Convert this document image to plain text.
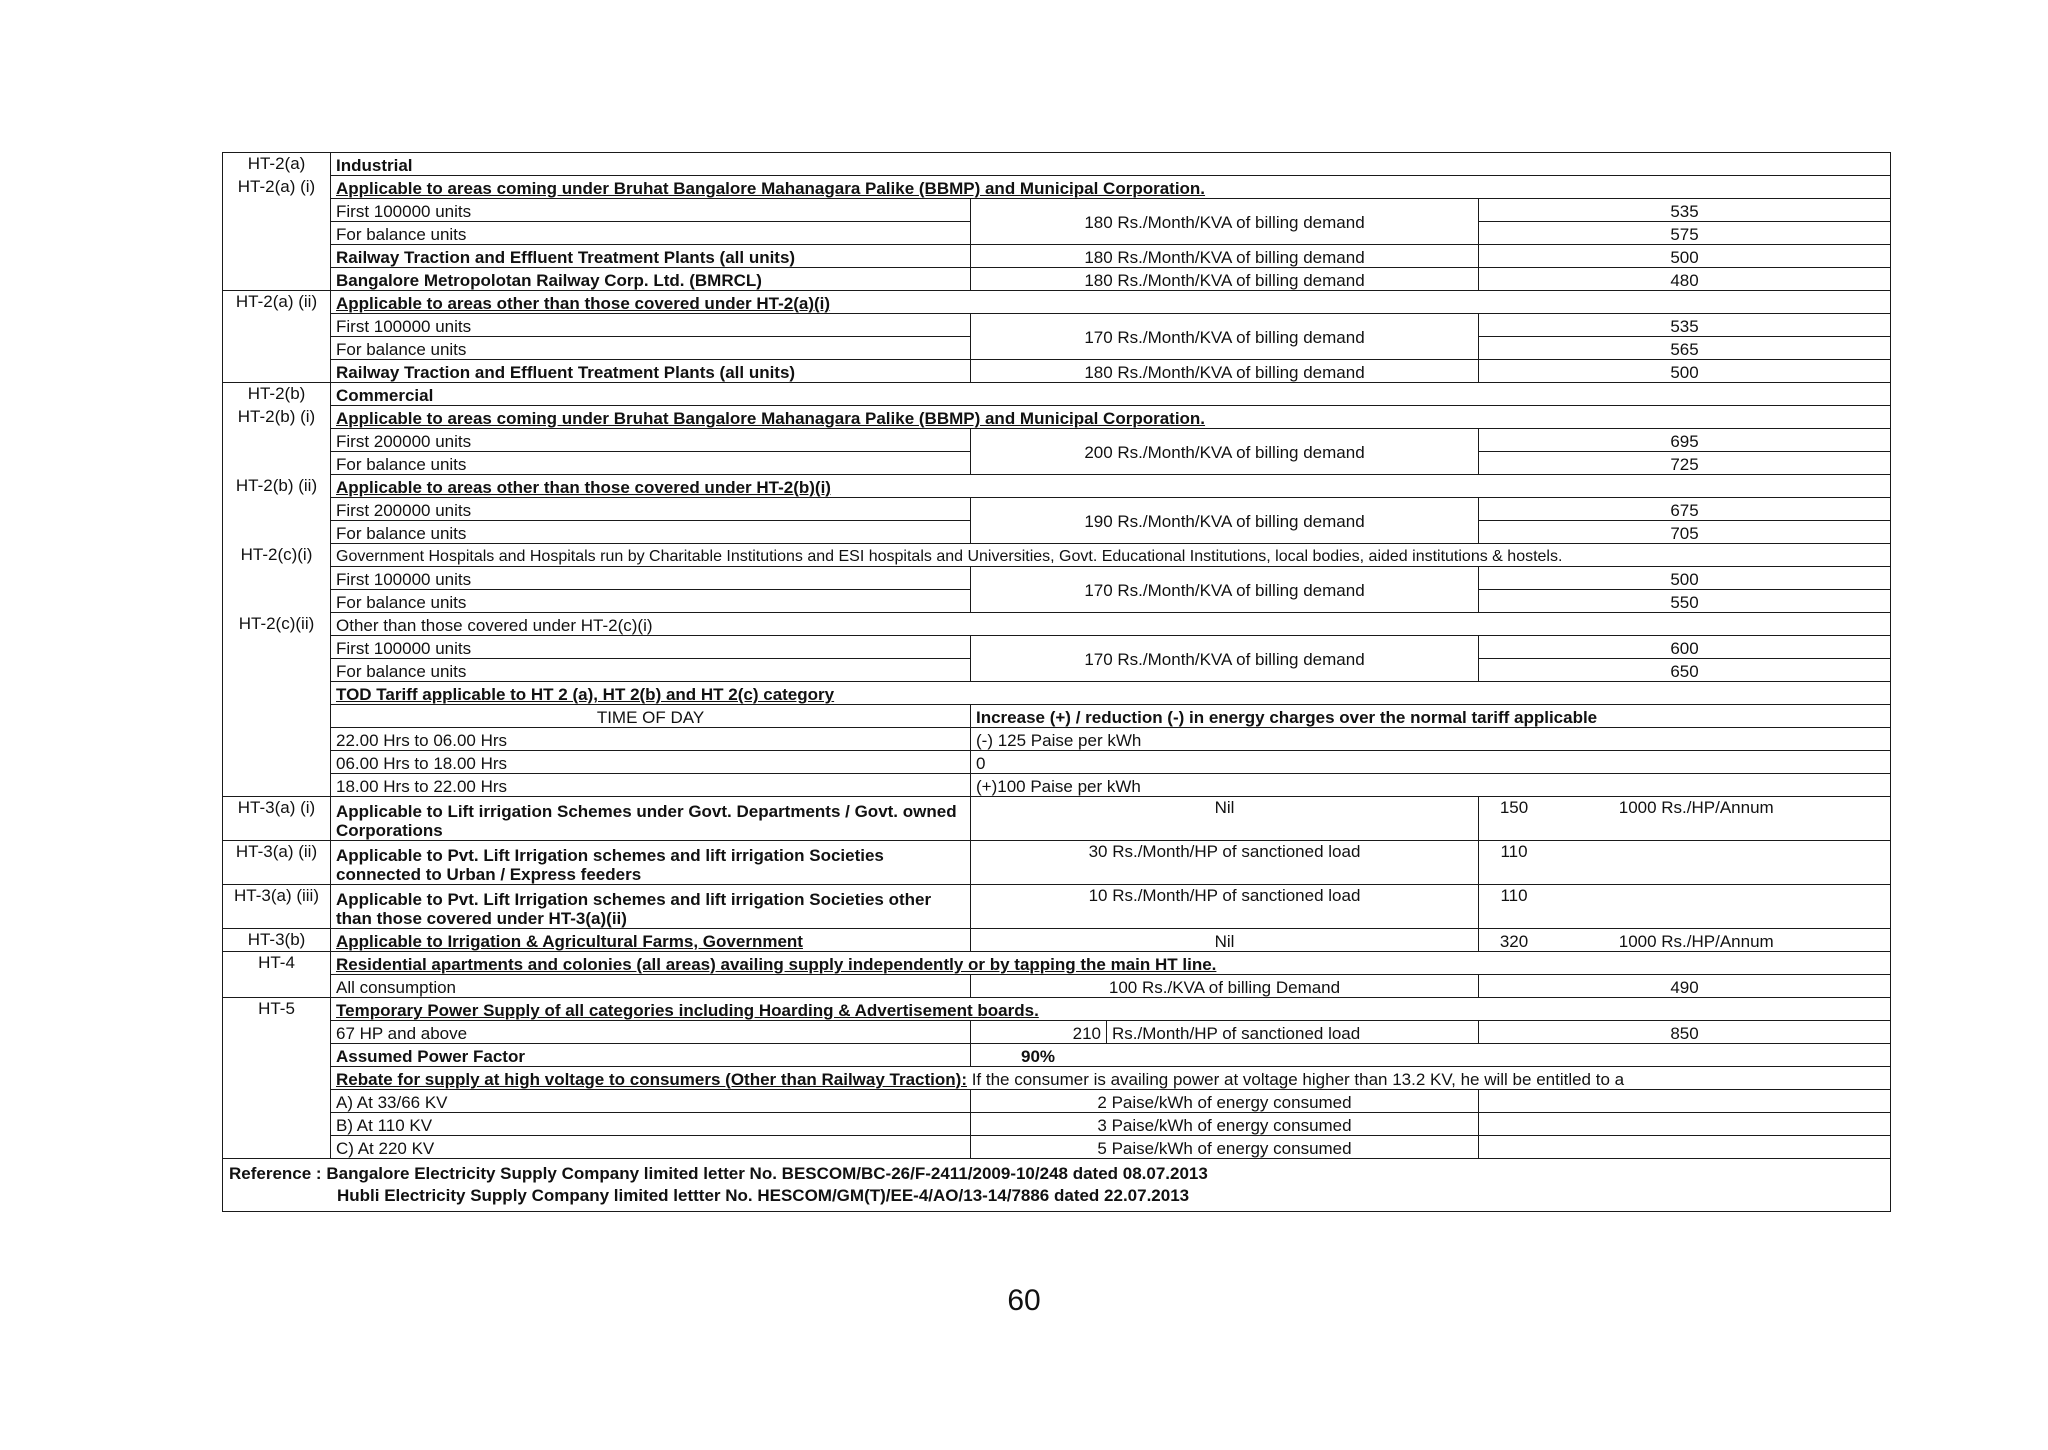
HT-2(a)	Industrial			
HT-2(a) (i)	Applicable to areas coming under Bruhat Bangalore Mahanagara Palike (BBMP) and Municipal Corporation.			
	First 100000 units	180 Rs./Month/KVA of billing demand		535
	For balance units			575
	Railway Traction and Effluent Treatment Plants (all units)	180 Rs./Month/KVA of billing demand		500
	Bangalore Metropolotan Railway Corp. Ltd. (BMRCL)	180 Rs./Month/KVA of billing demand		480
HT-2(a) (ii)	Applicable to areas other than those covered under HT-2(a)(i)			
	First 100000 units	170 Rs./Month/KVA of billing demand		535
	For balance units			565
	Railway Traction and Effluent Treatment Plants (all units)	180 Rs./Month/KVA of billing demand		500
HT-2(b)	Commercial			
HT-2(b) (i)	Applicable to areas coming under Bruhat Bangalore Mahanagara Palike (BBMP) and Municipal Corporation.			
	First 200000 units	200 Rs./Month/KVA of billing demand		695
	For balance units			725
HT-2(b) (ii)	Applicable to areas other than those covered under HT-2(b)(i)			
	First 200000 units	190 Rs./Month/KVA of billing demand		675
	For balance units			705
HT-2(c)(i)	Government Hospitals and Hospitals run by Charitable Institutions and ESI hospitals and Universities, Govt. Educational Institutions, local bodies, aided institutions & hostels.			
	First 100000 units	170 Rs./Month/KVA of billing demand		500
	For balance units			550
HT-2(c)(ii)	Other than those covered under HT-2(c)(i)			
	First 100000 units	170 Rs./Month/KVA of billing demand		600
	For balance units			650
	TOD Tariff applicable to HT 2 (a), HT 2(b) and HT 2(c) category			
	TIME OF DAY	Increase (+) / reduction (-) in energy charges over the normal tariff applicable		
	22.00 Hrs to 06.00 Hrs	(-) 125 Paise per kWh		
	06.00 Hrs to 18.00 Hrs	0		
	18.00 Hrs to 22.00 Hrs	(+)100 Paise per kWh		
HT-3(a) (i)	Applicable to Lift irrigation Schemes under Govt. Departments / Govt. owned Corporations	Nil		150 1000 Rs./HP/Annum
HT-3(a) (ii)	Applicable to Pvt. Lift Irrigation schemes and lift irrigation Societies connected to Urban / Express feeders	30 Rs./Month/HP of sanctioned load		110
HT-3(a) (iii)	Applicable to Pvt. Lift Irrigation schemes and lift irrigation Societies other than those covered under HT-3(a)(ii)	10 Rs./Month/HP of sanctioned load		110
HT-3(b)	Applicable to Irrigation & Agricultural Farms, Government	Nil		320 1000 Rs./HP/Annum
HT-4	Residential apartments and colonies (all areas) availing supply independently or by tapping the main HT line.			
	All consumption	100 Rs./KVA of billing Demand		490
HT-5	Temporary Power Supply of all categories including Hoarding & Advertisement boards.			
	67 HP and above	210	Rs./Month/HP of sanctioned load	850
	Assumed Power Factor	90%		
	Rebate for supply at high voltage to consumers (Other than Railway Traction): If the consumer is availing power at voltage higher than 13.2 KV, he will be entitled to a			
	A) At 33/66 KV	2 Paise/kWh of energy consumed		
	B) At 110 KV	3 Paise/kWh of energy consumed		
	C) At 220 KV	5 Paise/kWh of energy consumed		
Reference : Bangalore Electricity Supply Company limited letter No. BESCOM/BC-26/F-2411/2009-10/248 dated 08.07.2013
Hubli Electricity Supply Company limited lettter No. HESCOM/GM(T)/EE-4/AO/13-14/7886 dated 22.07.2013				
60
